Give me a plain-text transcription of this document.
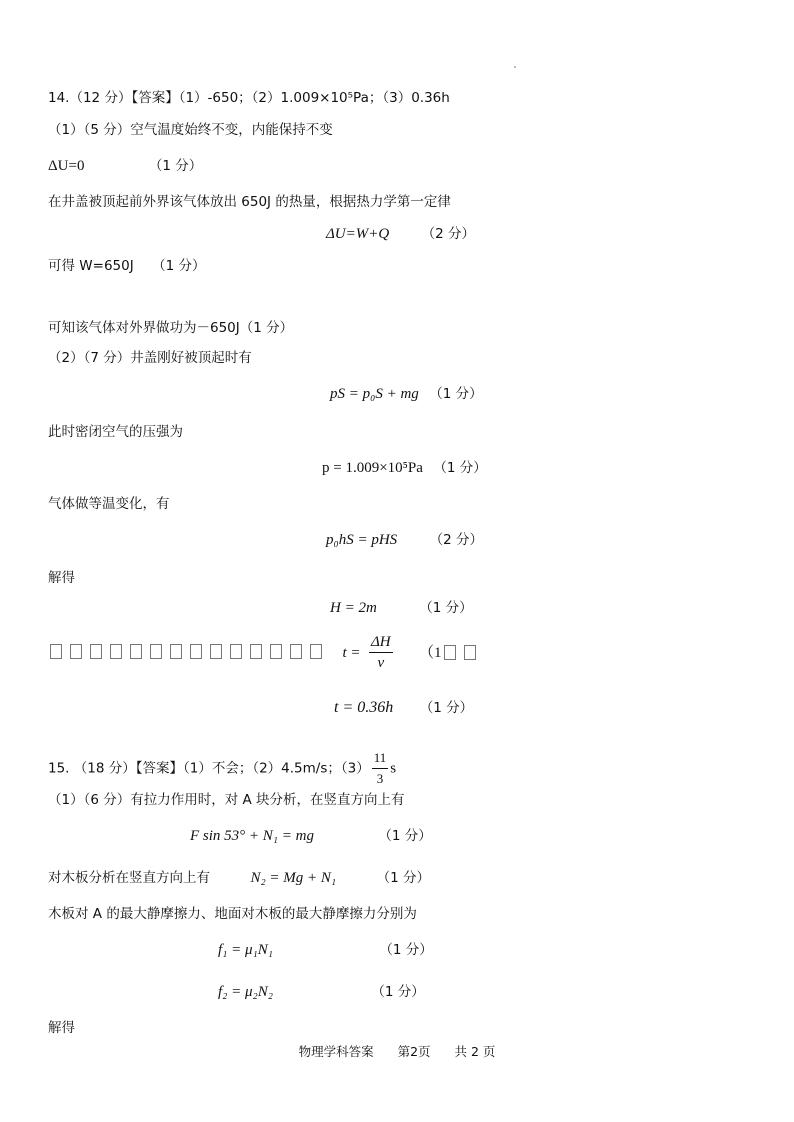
14.（12 分）【答案】（1）-650；（2）1.009×10⁵Pa；（3）0.36h
（1）（5 分）空气温度始终不变，内能保持不变
ΔU=0	（1 分）
在井盖被顶起前外界该气体放出 650J 的热量，根据热力学第一定律
ΔU=W+Q （2 分）
可得 W=650J （1 分）
可知该气体对外界做功为－650J（1 分）
（2）（7 分）井盖刚好被顶起时有
pS = p₀S + mg （1 分）
此时密闭空气的压强为
p = 1.009×10⁵Pa （1 分）
气体做等温变化，有
p₀hS = pHS （2 分）
解得
H = 2m	（1 分）
$t = \frac{\Delta H}{v} (1$
t = 0.36h （1 分）
15. （18 分）【答案】（1）不会；（2）4.5m/s；$(3) \frac{11}{3}$ s
（1）（6 分）有拉力作用时，对 A 块分析，在竖直方向上有
F sin 53° + N₁ = mg	（1 分）
对木板分析在竖直方向上有	N₂ = Mg + N₁	（1 分）
木板对 A 的最大静摩擦力、地面对木板的最大静摩擦力分别为
f₁ = μ₁N₁	（1 分）
f₂ = μ₂N₂	（1 分）
解得
物理学科答案 第2页 共 2 页
